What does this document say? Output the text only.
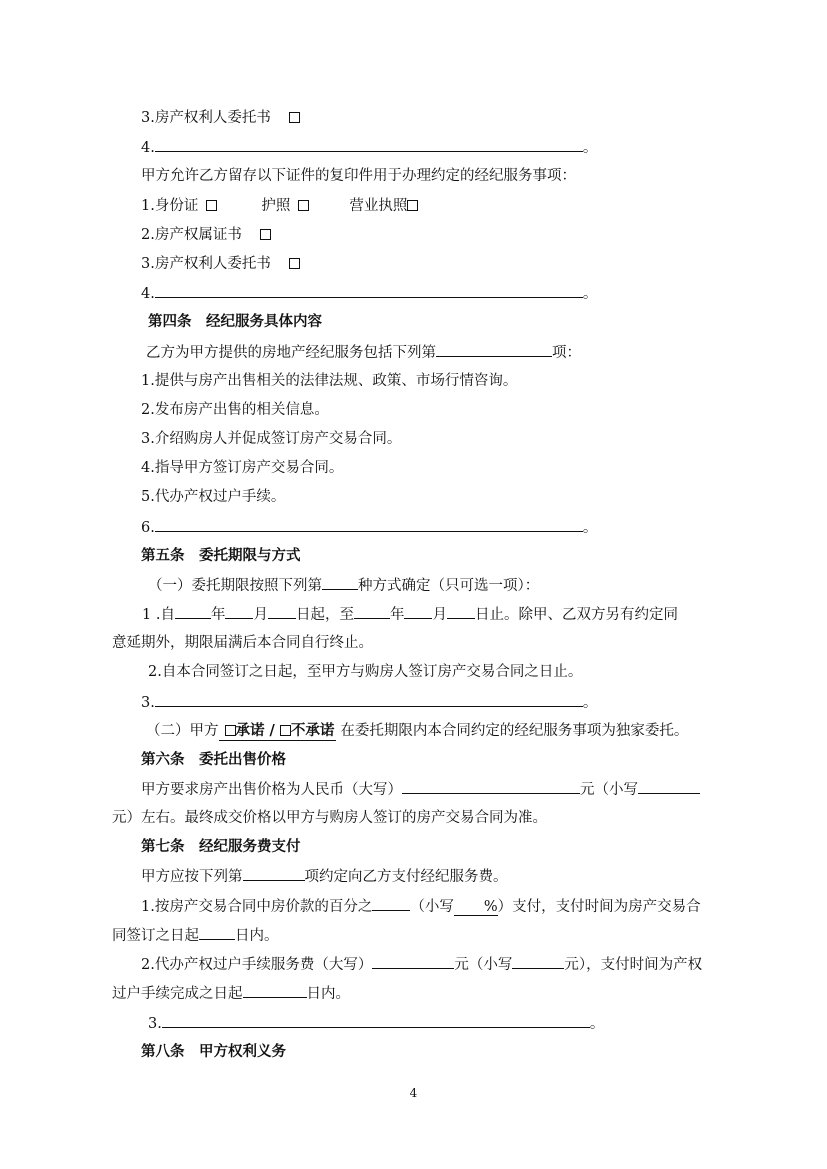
3.房产权利人委托书
4.	。
甲方允许乙方留存以下证件的复印件用于办理约定的经纪服务事项：
1.身份证	护照	营业执照
2.房产权属证书
3.房产权利人委托书
4.	。
第四条　经纪服务具体内容
乙方为甲方提供的房地产经纪服务包括下列第	项：
1.提供与房产出售相关的法律法规、政策、市场行情咨询。
2.发布房产出售的相关信息。
3.介绍购房人并促成签订房产交易合同。
4.指导甲方签订房产交易合同。
5.代办产权过户手续。
6.	。
第五条　委托期限与方式
（一）委托期限按照下列第 种方式确定（只可选一项）：
1 .自 年 月 日起，至 年 月 日止。除甲、乙双方另有约定同
意延期外，期限届满后本合同自行终止。
2.自本合同签订之日起，至甲方与购房人签订房产交易合同之日止。
3.	。
（二）甲方 承诺 / 不承诺 在委托期限内本合同约定的经纪服务事项为独家委托。
第六条　委托出售价格
甲方要求房产出售价格为人民币（大写）	元（小写
元）左右。最终成交价格以甲方与购房人签订的房产交易合同为准。
第七条　经纪服务费支付
甲方应按下列第	项约定向乙方支付经纪服务费。
1.按房产交易合同中房价款的百分之	（小写 %）支付，支付时间为房产交易合
同签订之日起 日内。
2.代办产权过户手续服务费（大写）	元（小写	元），支付时间为产权
过户手续完成之日起	日内。
3.	。
第八条　甲方权利义务
4
